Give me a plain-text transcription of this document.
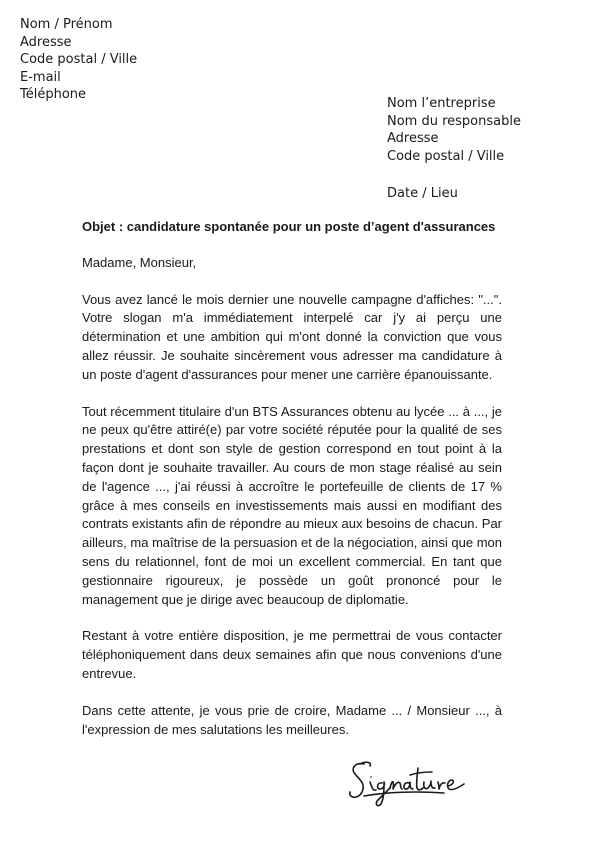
Nom / Prénom
Adresse
Code postal / Ville
E-mail
Téléphone
Nom l’entreprise
Nom du responsable
Adresse
Code postal / Ville
Date / Lieu

Objet : candidature spontanée pour un poste d’agent d'assurances

Madame, Monsieur,

Vous avez lancé le mois dernier une nouvelle campagne d'affiches: "...". Votre slogan m'a immédiatement interpelé car j'y ai perçu une détermination et une ambition qui m'ont donné la conviction que vous allez réussir. Je souhaite sincèrement vous adresser ma candidature à un poste d'agent d'assurances pour mener une carrière épanouissante.

Tout récemment titulaire d'un BTS Assurances obtenu au lycée ... à ..., je ne peux qu'être attiré(e) par votre société réputée pour la qualité de ses prestations et dont son style de gestion correspond en tout point à la façon dont je souhaite travailler. Au cours de mon stage réalisé au sein de l'agence ..., j'ai réussi à accroître le portefeuille de clients de 17 % grâce à mes conseils en investissements mais aussi en modifiant des contrats existants afin de répondre au mieux aux besoins de chacun. Par ailleurs, ma maîtrise de la persuasion et de la négociation, ainsi que mon sens du relationnel, font de moi un excellent commercial. En tant que gestionnaire rigoureux, je possède un goût prononcé pour le management que je dirige avec beaucoup de diplomatie.

Restant à votre entière disposition, je me permettrai de vous contacter téléphoniquement dans deux semaines afin que nous convenions d'une entrevue.

Dans cette attente, je vous prie de croire, Madame ... / Monsieur ..., à l'expression de mes salutations les meilleures.
